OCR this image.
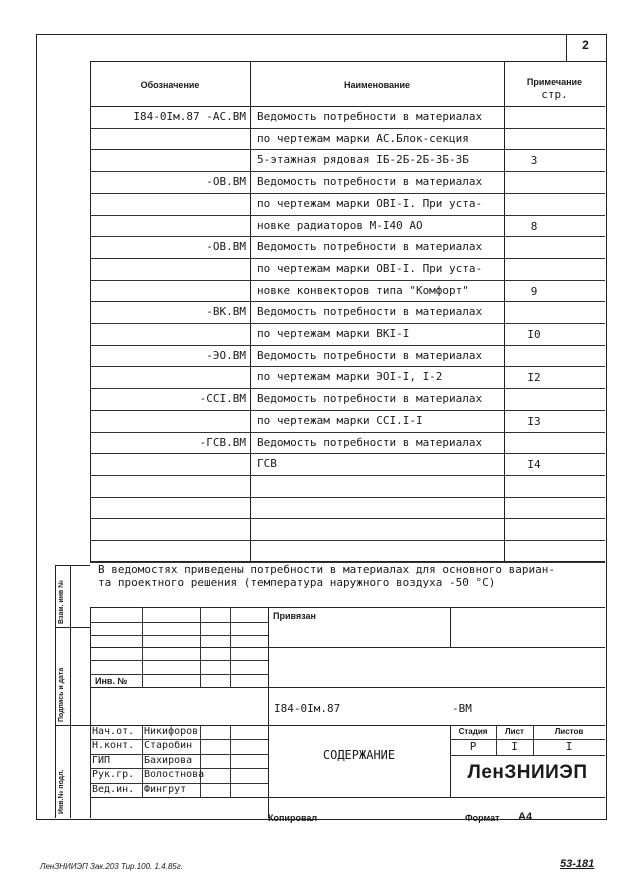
2
Обозначение	Наименование	Примечание
стр.
I84-0Iм.87 -АС.ВМ Ведомость потребности в материалах
по чертежам марки АС.Блок-секция
5-этажная рядовая IБ-2Б-2Б-3Б-3Б	3
-ОВ.ВМ Ведомость потребности в материалах
по чертежам марки ОВI-I. При уста-
новке радиаторов М-I40 АО	8
-ОВ.ВМ Ведомость потребности в материалах
по чертежам марки ОВI-I. При уста-
новке конвекторов типа "Комфорт"	9
-ВК.ВМ Ведомость потребности в материалах
по чертежам марки ВКI-I	I0
-ЭО.ВМ Ведомость потребности в материалах
по чертежам марки ЭОI-I, I-2	I2
-ССI.ВМ Ведомость потребности в материалах
по чертежам марки ССI.I-I	I3
-ГСВ.ВМ Ведомость потребности в материалах
ГСВ	I4
В ведомостях приведены потребности в материалах для основного вариан-
та проектного решения (температура наружного воздуха -50 °С)
Привязан
Инв. №
I84-0Iм.87	-ВМ
Нач.от. Никифоров
Н.конт. Старобин
ГИП	Бахирова
Рук.гр. Волостнова
Вед.ин. Фингрут
СОДЕРЖАНИЕ
Стадия	Лист	Листов
Р	I	I
ЛенЗНИИЭП
Взам. инв №
Подпись и дата
Инв.№ подл.
Копировал	Формат А4
ЛенЗНИИЭП Зак.203 Тир.100. 1.4.85г.	53-181
